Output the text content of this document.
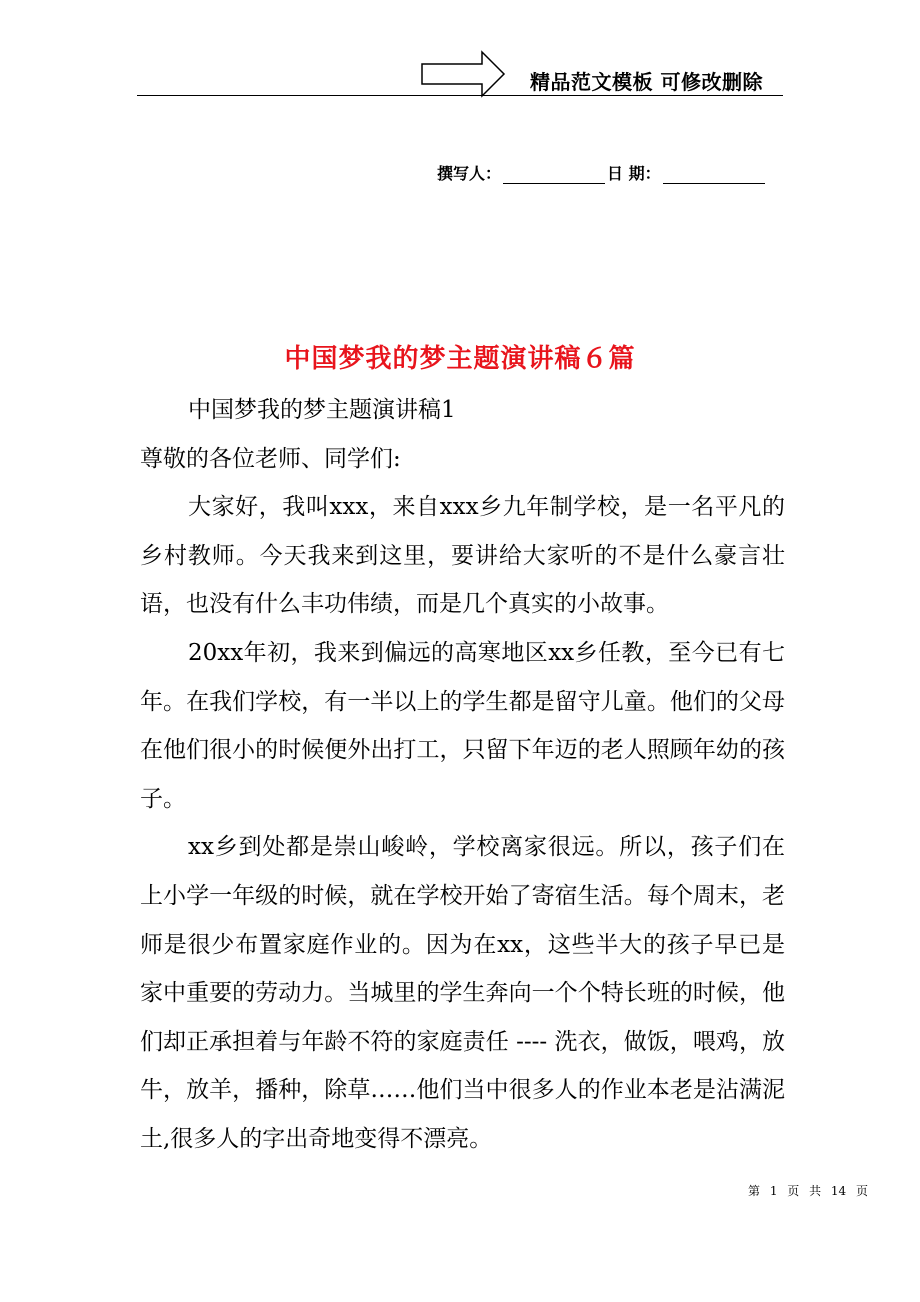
精品范文模板 可修改删除
撰写人：	日 期：
中国梦我的梦主题演讲稿６篇

中国梦我的梦主题演讲稿1

尊敬的各位老师、同学们:

大家好，我叫xxx，来自xxx乡九年制学校，是一名平凡的乡村教师。今天我来到这里，要讲给大家听的不是什么豪言壮语，也没有什么丰功伟绩，而是几个真实的小故事。

20xx年初，我来到偏远的高寒地区xx乡任教，至今已有七年。在我们学校，有一半以上的学生都是留守儿童。他们的父母在他们很小的时候便外出打工，只留下年迈的老人照顾年幼的孩子。

xx乡到处都是崇山峻岭，学校离家很远。所以，孩子们在上小学一年级的时候，就在学校开始了寄宿生活。每个周末，老师是很少布置家庭作业的。因为在xx，这些半大的孩子早已是家中重要的劳动力。当城里的学生奔向一个个特长班的时候，他们却正承担着与年龄不符的家庭责任 ---- 洗衣，做饭，喂鸡，放牛，放羊，播种，除草……他们当中很多人的作业本老是沾满泥土,很多人的字出奇地变得不漂亮。

第 1 页 共 14 页
